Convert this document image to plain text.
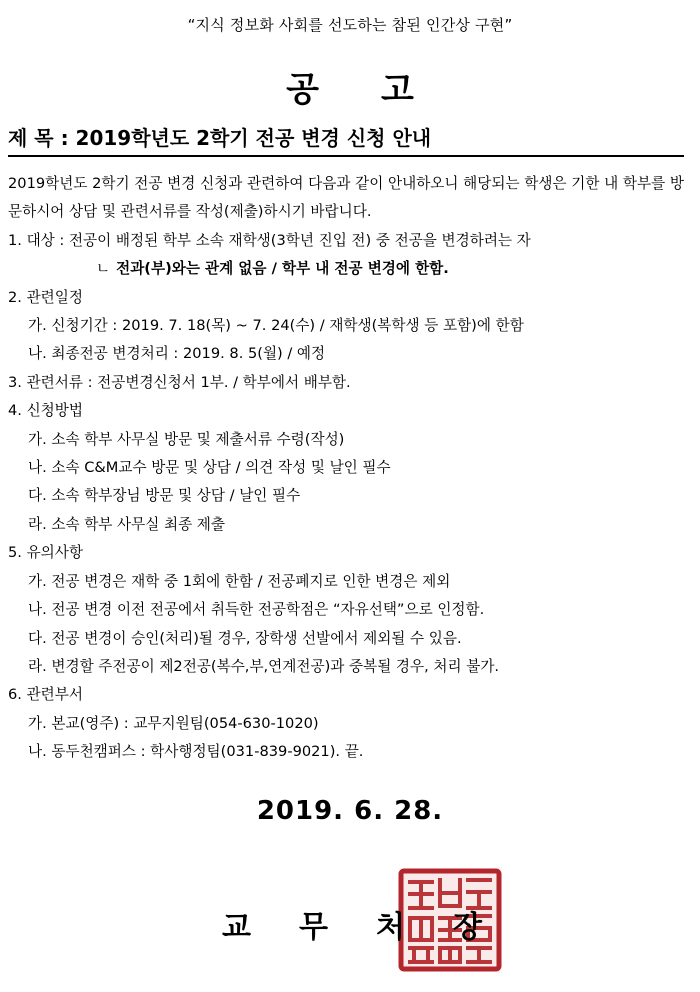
“지식 정보화 사회를 선도하는 참된 인간상 구현”
공 고
제 목 : 2019학년도 2학기 전공 변경 신청 안내

2019학년도 2학기 전공 변경 신청과 관련하여 다음과 같이 안내하오니 해당되는 학생은 기한 내 학부를 방문하시어 상담 및 관련서류를 작성(제출)하시기 바랍니다.

1. 대상 : 전공이 배정된 학부 소속 재학생(3학년 진입 전) 중 전공을 변경하려는 자
ㄴ 전과(부)와는 관계 없음 / 학부 내 전공 변경에 한함.
2. 관련일정
가. 신청기간 : 2019. 7. 18(목) ~ 7. 24(수) / 재학생(복학생 등 포함)에 한함
나. 최종전공 변경처리 : 2019. 8. 5(월) / 예정
3. 관련서류 : 전공변경신청서 1부. / 학부에서 배부함.
4. 신청방법
가. 소속 학부 사무실 방문 및 제출서류 수령(작성)
나. 소속 C&M교수 방문 및 상담 / 의견 작성 및 날인 필수
다. 소속 학부장님 방문 및 상담 / 날인 필수
라. 소속 학부 사무실 최종 제출
5. 유의사항
가. 전공 변경은 재학 중 1회에 한함 / 전공폐지로 인한 변경은 제외
나. 전공 변경 이전 전공에서 취득한 전공학점은 “자유선택”으로 인정함.
다. 전공 변경이 승인(처리)될 경우, 장학생 선발에서 제외될 수 있음.
라. 변경할 주전공이 제2전공(복수,부,연계전공)과 중복될 경우, 처리 불가.
6. 관련부서
가. 본교(영주) : 교무지원팀(054-630-1020)
나. 동두천캠퍼스 : 학사행정팀(031-839-9021). 끝.
2019. 6. 28.
교 무 처 장
